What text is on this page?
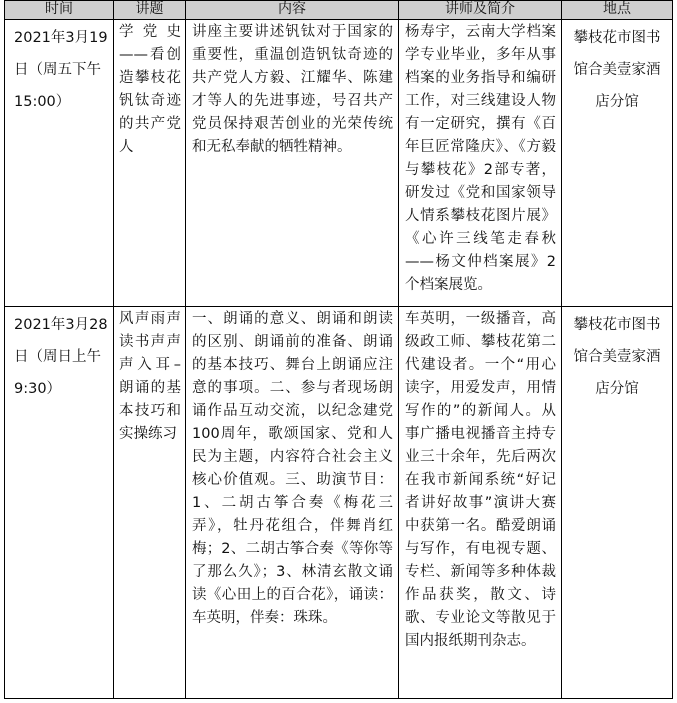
时间	讲题	内容	讲师及简介	地点
2021年3月19日（周五下午15:00）	学党史——看创造攀枝花钒钛奇迹的共产党人	讲座主要讲述钒钛对于国家的重要性，重温创造钒钛奇迹的共产党人方毅、江耀华、陈建才等人的先进事迹，号召共产党员保持艰苦创业的光荣传统和无私奉献的牺牲精神。	杨寿宇，云南大学档案学专业毕业，多年从事档案的业务指导和编研工作，对三线建设人物有一定研究，撰有《百年巨匠常隆庆》、《方毅与攀枝花》2部专著，研发过《党和国家领导人情系攀枝花图片展》《心许三线笔走春秋——杨文仲档案展》2个档案展览。	攀枝花市图书馆合美壹家酒店分馆
2021年3月28日（周日上午9:30）	风声雨声读书声声声入耳–朗诵的基本技巧和实操练习	一、朗诵的意义、朗诵和朗读的区别、朗诵前的准备、朗诵的基本技巧、舞台上朗诵应注意的事项。二、参与者现场朗诵作品互动交流，以纪念建党100周年，歌颂国家、党和人民为主题，内容符合社会主义核心价值观。三、助演节目：1、二胡古筝合奏《梅花三弄》，牡丹花组合，伴舞肖红梅；2、二胡古筝合奏《等你等了那么久》；3、林清玄散文诵读《心田上的百合花》，诵读：车英明，伴奏：珠珠。	车英明，一级播音，高级政工师、攀枝花第二代建设者。一个“用心读字，用爱发声，用情写作的”的新闻人。从事广播电视播音主持专业三十余年，先后两次在我市新闻系统“好记者讲好故事”演讲大赛中获第一名。酷爱朗诵与写作，有电视专题、专栏、新闻等多种体裁作品获奖，散文、诗歌、专业论文等散见于国内报纸期刊杂志。	攀枝花市图书馆合美壹家酒店分馆
